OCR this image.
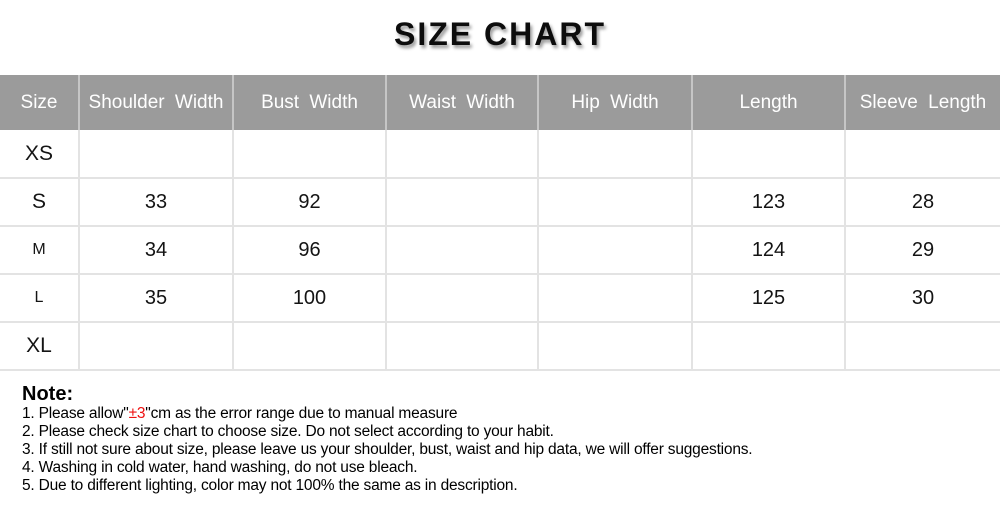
SIZE CHART
Size	Shoulder Width	Bust Width	Waist Width	Hip Width	Length	Sleeve Length
XS						
S	33	92			123	28
M	34	96			124	29
L	35	100			125	30
XL						
Note:
1. Please allow"±3"cm as the error range due to manual measure
2. Please check size chart to choose size. Do not select according to your habit.
3. If still not sure about size, please leave us your shoulder, bust, waist and hip data, we will offer suggestions.
4. Washing in cold water, hand washing, do not use bleach.
5. Due to different lighting, color may not 100% the same as in description.
